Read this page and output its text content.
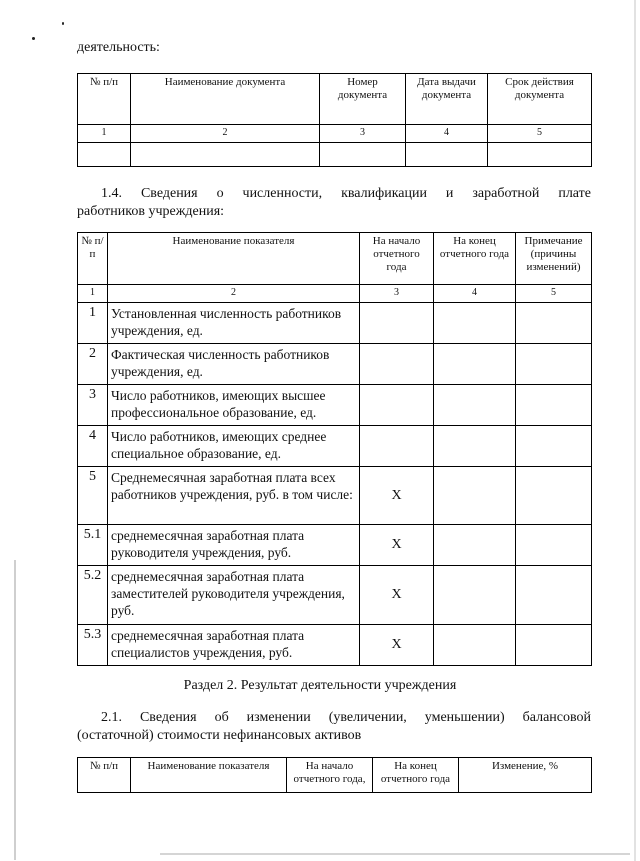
деятельность:
№ п/п	Наименование документа	Номер документа	Дата выдачи документа	Срок действия документа
1	2	3	4	5

1.4. Сведения о численности, квалификации и заработной плате
работников учреждения:
№ п/п	Наименование показателя	На начало отчетного года	На конец отчетного года	Примечание (причины изменений)
1	2	3	4	5
1	Установленная численность работников учреждения, ед.			
2	Фактическая численность работников учреждения, ед.			
3	Число работников, имеющих высшее профессиональное образование, ед.			
4	Число работников, имеющих среднее специальное образование, ед.			
5	Среднемесячная заработная плата всех работников учреждения, руб. в том числе:	X		
5.1	среднемесячная заработная плата руководителя учреждения, руб.	X		
5.2	среднемесячная заработная плата заместителей руководителя учреждения, руб.	X		
5.3	среднемесячная заработная плата специалистов учреждения, руб.	X		
Раздел 2. Результат деятельности учреждения
2.1. Сведения об изменении (увеличении, уменьшении) балансовой
(остаточной) стоимости нефинансовых активов
№ п/п	Наименование показателя	На начало отчетного года,	На конец отчетного года	Изменение, %
